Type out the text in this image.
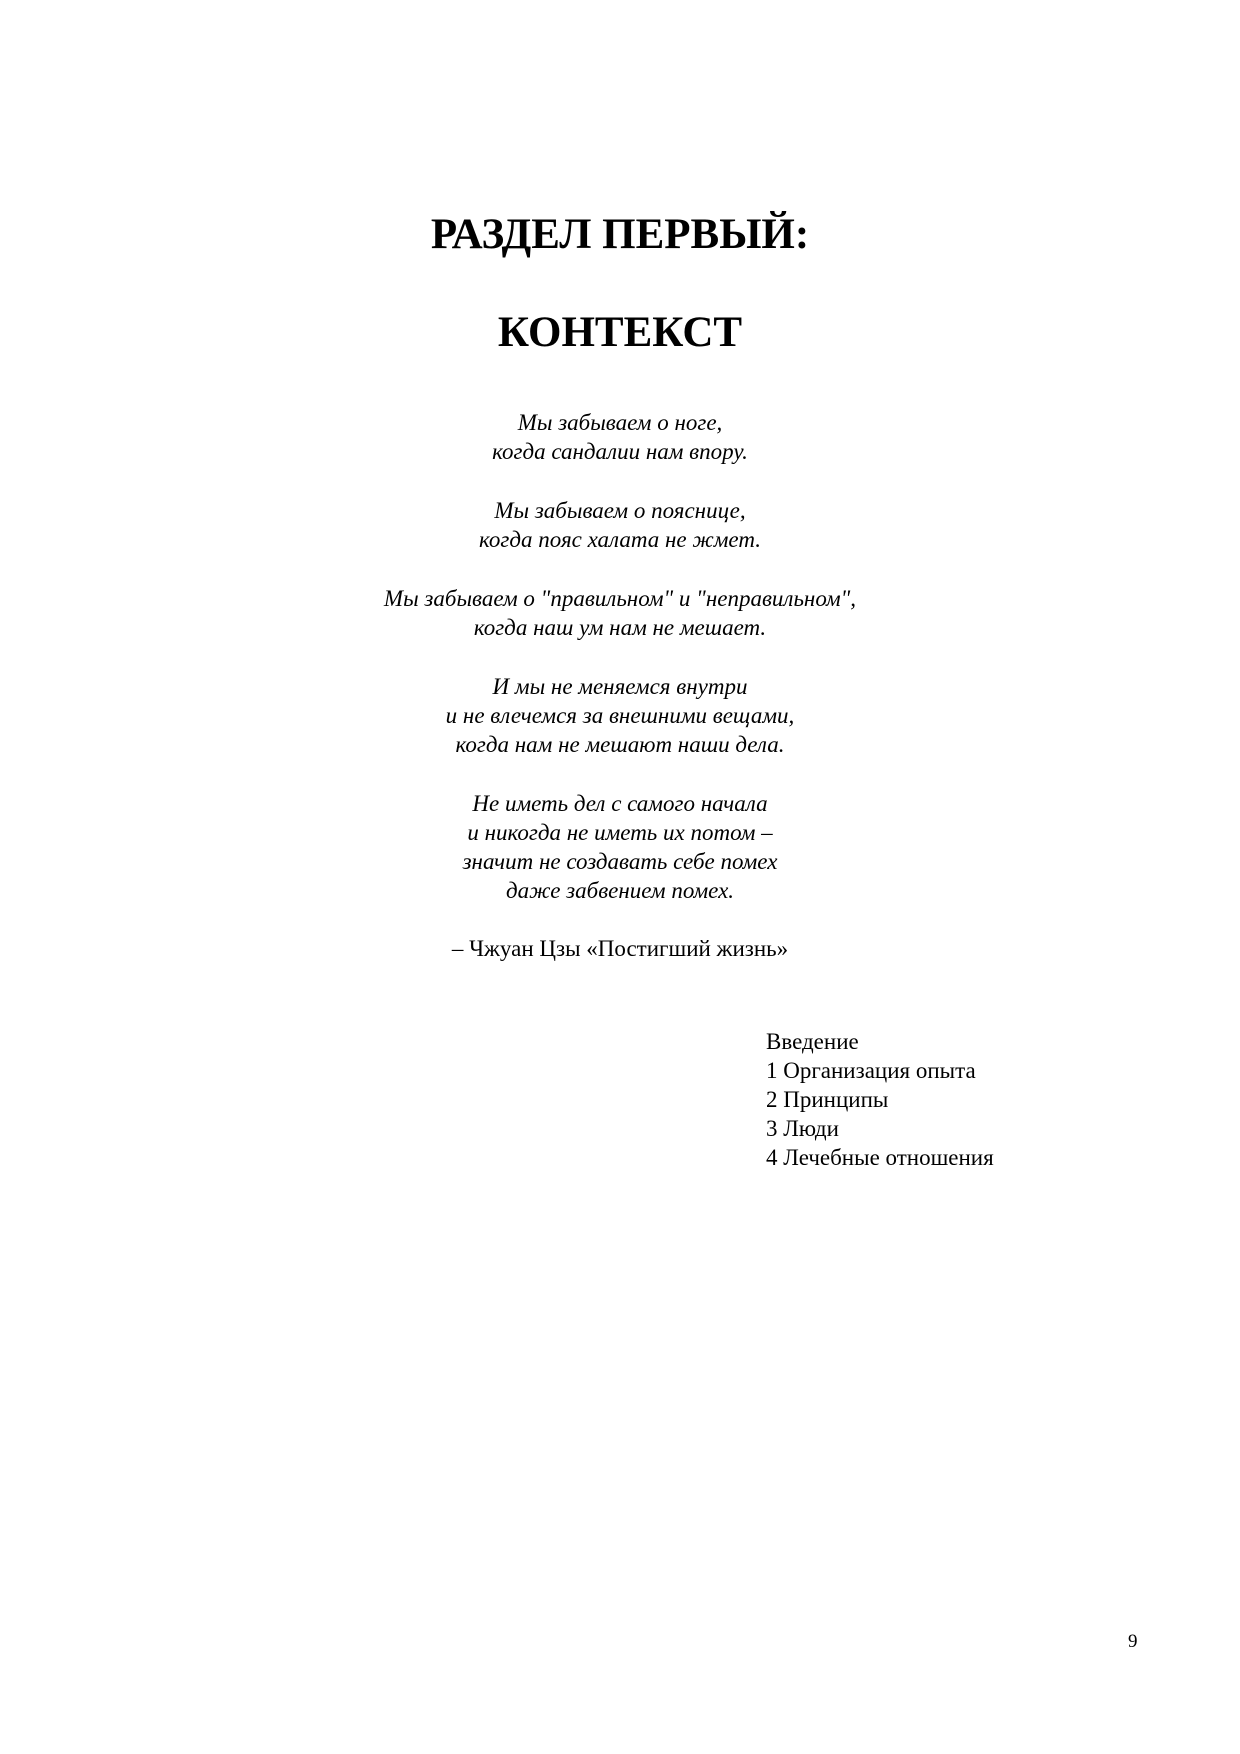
РАЗДЕЛ ПЕРВЫЙ:
КОНТЕКСТ

Мы забываем о ноге,
когда сандалии нам впору.

Мы забываем о пояснице,
когда пояс халата не жмет.

Мы забываем о "правильном" и "неправильном",
когда наш ум нам не мешает.

И мы не меняемся внутри
и не влечемся за внешними вещами,
когда нам не мешают наши дела.

Не иметь дел с самого начала
и никогда не иметь их потом –
значит не создавать себе помех
даже забвением помех.

– Чжуан Цзы «Постигший жизнь»
Введение
1 Организация опыта
2 Принципы
3 Люди
4 Лечебные отношения
9
